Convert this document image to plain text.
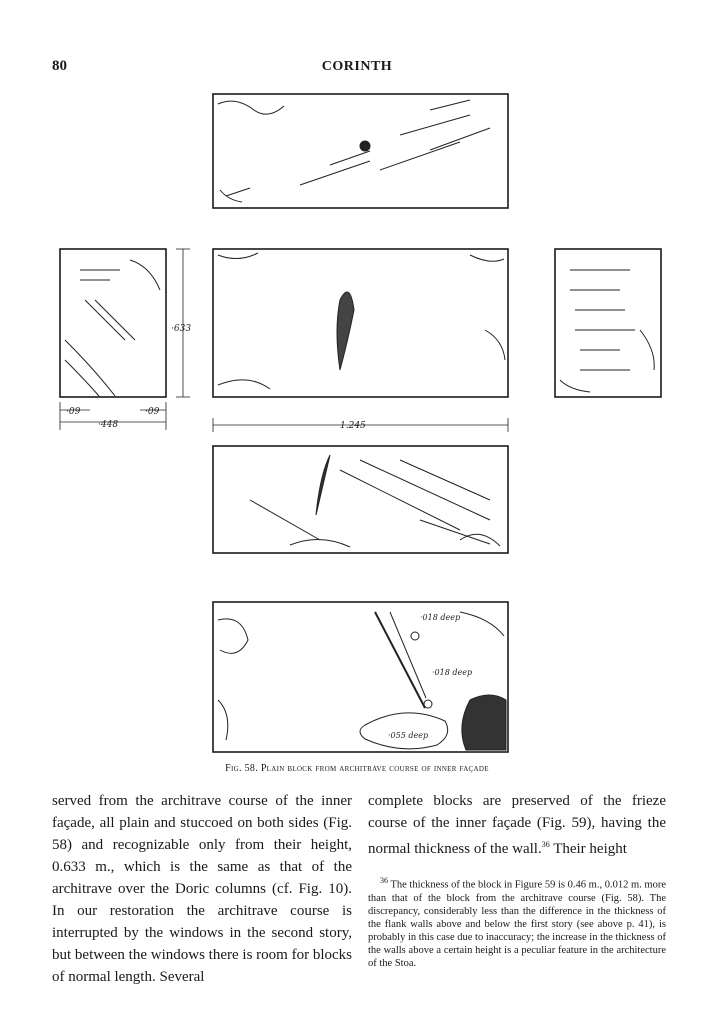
80	CORINTH
·633
·09	·09
·448	1.245
·018 deep
·018 deep
·055 deep
Fig. 58. Plain block from architrave course of inner façade

served from the architrave course of the inner façade, all plain and stuccoed on both sides (Fig. 58) and recognizable only from their height, 0.633 m., which is the same as that of the architrave over the Doric columns (cf. Fig. 10). In our restoration the architrave course is interrupted by the windows in the second story, but between the windows there is room for blocks of normal length. Several

complete blocks are preserved of the frieze course of the inner façade (Fig. 59), having the normal thickness of the wall.$^{36}$ Their height

$^{36}$ The thickness of the block in Figure 59 is 0.46 m., 0.012 m. more than that of the block from the architrave course (Fig. 58). The discrepancy, considerably less than the difference in the thickness of the flank walls above and below the first story (see above p. 41), is probably in this case due to inaccuracy; the increase in the thickness of the walls above a certain height is a peculiar feature in the architecture of the Stoa.
